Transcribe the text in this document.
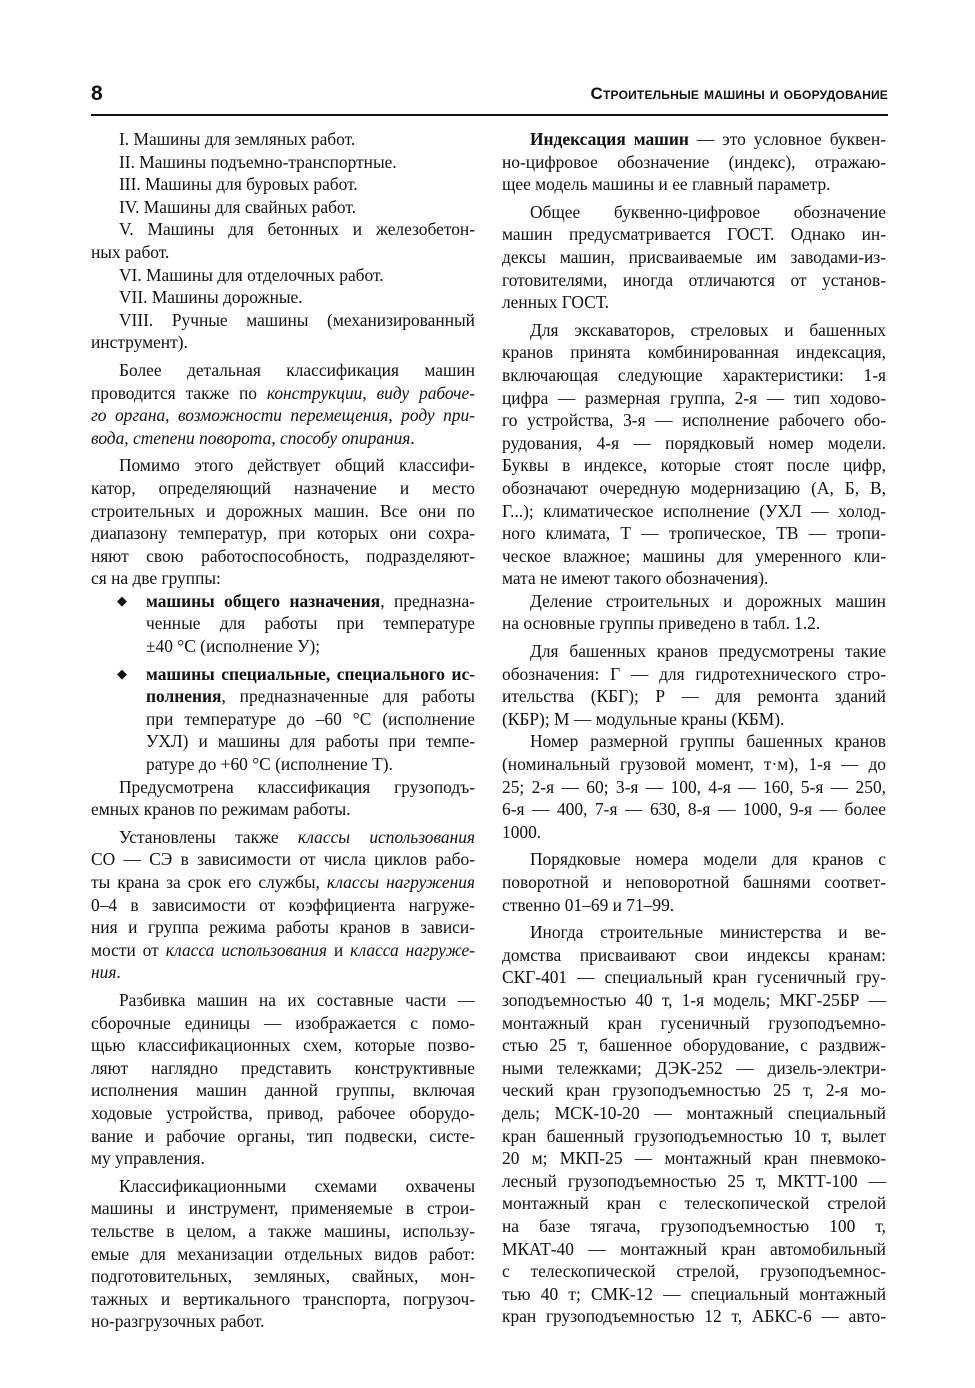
8	Строительные машины и оборудование
I. Машины для земляных работ.
II. Машины подъемно-транспортные.
III. Машины для буровых работ.
IV. Машины для свайных работ.
V. Машины для бетонных и железобетон-
ных работ.
VI. Машины для отделочных работ.
VII. Машины дорожные.
VIII. Ручные машины (механизированный
инструмент).
Более детальная классификация машин
проводится также по конструкции, виду рабоче-
го органа, возможности перемещения, роду при-
вода, степени поворота, способу опирания.
Помимо этого действует общий классифи-
катор, определяющий назначение и место
строительных и дорожных машин. Все они по
диапазону температур, при которых они сохра-
няют свою работоспособность, подразделяют-
ся на две группы:
◆ машины общего назначения, предназна-
ченные для работы при температуре
±40 °С (исполнение У);
◆ машины специальные, специального ис-
полнения, предназначенные для работы
при температуре до –60 °С (исполнение
УХЛ) и машины для работы при темпе-
ратуре до +60 °С (исполнение Т).
Предусмотрена классификация грузоподъ-
емных кранов по режимам работы.
Установлены также классы использования
СО — СЭ в зависимости от числа циклов рабо-
ты крана за срок его службы, классы нагружения
0–4 в зависимости от коэффициента нагруже-
ния и группа режима работы кранов в зависи-
мости от класса использования и класса нагруже-
ния.
Разбивка машин на их составные части —
сборочные единицы — изображается с помо-
щью классификационных схем, которые позво-
ляют наглядно представить конструктивные
исполнения машин данной группы, включая
ходовые устройства, привод, рабочее оборудо-
вание и рабочие органы, тип подвески, систе-
му управления.
Классификационными схемами охвачены
машины и инструмент, применяемые в строи-
тельстве в целом, а также машины, использу-
емые для механизации отдельных видов работ:
подготовительных, земляных, свайных, мон-
тажных и вертикального транспорта, погрузоч-
но-разгрузочных работ.
Индексация машин — это условное буквен-
но-цифровое обозначение (индекс), отражаю-
щее модель машины и ее главный параметр.
Общее буквенно-цифровое обозначение
машин предусматривается ГОСТ. Однако ин-
дексы машин, присваиваемые им заводами-из-
готовителями, иногда отличаются от установ-
ленных ГОСТ.
Для экскаваторов, стреловых и башенных
кранов принята комбинированная индексация,
включающая следующие характеристики: 1-я
цифра — размерная группа, 2-я — тип ходово-
го устройства, 3-я — исполнение рабочего обо-
рудования, 4-я — порядковый номер модели.
Буквы в индексе, которые стоят после цифр,
обозначают очередную модернизацию (А, Б, В,
Г...); климатическое исполнение (УХЛ — холод-
ного климата, Т — тропическое, ТВ — тропи-
ческое влажное; машины для умеренного кли-
мата не имеют такого обозначения).
Деление строительных и дорожных машин
на основные группы приведено в табл. 1.2.
Для башенных кранов предусмотрены такие
обозначения: Г — для гидротехнического стро-
ительства (КБГ); Р — для ремонта зданий
(КБР); М — модульные краны (КБМ).
Номер размерной группы башенных кранов
(номинальный грузовой момент, т·м), 1-я — до
25; 2-я — 60; 3-я — 100, 4-я — 160, 5-я — 250,
6-я — 400, 7-я — 630, 8-я — 1000, 9-я — более
1000.
Порядковые номера модели для кранов с
поворотной и неповоротной башнями соответ-
ственно 01–69 и 71–99.
Иногда строительные министерства и ве-
домства присваивают свои индексы кранам:
СКГ-401 — специальный кран гусеничный гру-
зоподъемностью 40 т, 1-я модель; МКГ-25БР —
монтажный кран гусеничный грузоподъемно-
стью 25 т, башенное оборудование, с раздвиж-
ными тележками; ДЭК-252 — дизель-электри-
ческий кран грузоподъемностью 25 т, 2-я мо-
дель; МСК-10-20 — монтажный специальный
кран башенный грузоподъемностью 10 т, вылет
20 м; МКП-25 — монтажный кран пневмоко-
лесный грузоподъемностью 25 т, МКТТ-100 —
монтажный кран с телескопической стрелой
на базе тягача, грузоподъемностью 100 т,
МКАТ-40 — монтажный кран автомобильный
с телескопической стрелой, грузоподъемнос-
тью 40 т; СМК-12 — специальный монтажный
кран грузоподъемностью 12 т, АБКС-6 — авто-
